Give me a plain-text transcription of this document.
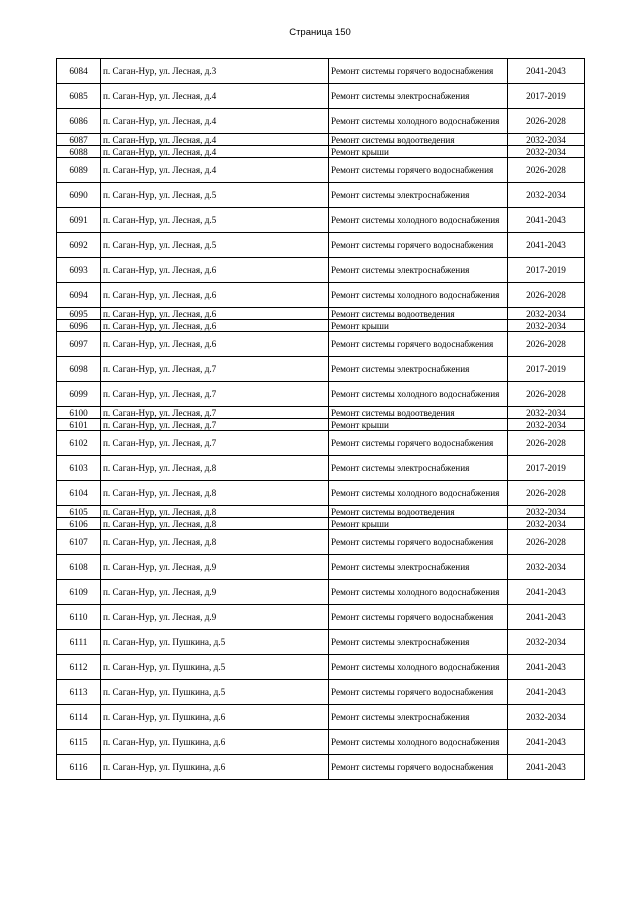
Страница 150
6084	п. Саган-Нур, ул. Лесная, д.3	Ремонт системы горячего водоснабжения	2041-2043
6085	п. Саган-Нур, ул. Лесная, д.4	Ремонт системы электроснабжения	2017-2019
6086	п. Саган-Нур, ул. Лесная, д.4	Ремонт системы холодного водоснабжения	2026-2028
6087	п. Саган-Нур, ул. Лесная, д.4	Ремонт системы водоотведения	2032-2034
6088	п. Саган-Нур, ул. Лесная, д.4	Ремонт крыши	2032-2034
6089	п. Саган-Нур, ул. Лесная, д.4	Ремонт системы горячего водоснабжения	2026-2028
6090	п. Саган-Нур, ул. Лесная, д.5	Ремонт системы электроснабжения	2032-2034
6091	п. Саган-Нур, ул. Лесная, д.5	Ремонт системы холодного водоснабжения	2041-2043
6092	п. Саган-Нур, ул. Лесная, д.5	Ремонт системы горячего водоснабжения	2041-2043
6093	п. Саган-Нур, ул. Лесная, д.6	Ремонт системы электроснабжения	2017-2019
6094	п. Саган-Нур, ул. Лесная, д.6	Ремонт системы холодного водоснабжения	2026-2028
6095	п. Саган-Нур, ул. Лесная, д.6	Ремонт системы водоотведения	2032-2034
6096	п. Саган-Нур, ул. Лесная, д.6	Ремонт крыши	2032-2034
6097	п. Саган-Нур, ул. Лесная, д.6	Ремонт системы горячего водоснабжения	2026-2028
6098	п. Саган-Нур, ул. Лесная, д.7	Ремонт системы электроснабжения	2017-2019
6099	п. Саган-Нур, ул. Лесная, д.7	Ремонт системы холодного водоснабжения	2026-2028
6100	п. Саган-Нур, ул. Лесная, д.7	Ремонт системы водоотведения	2032-2034
6101	п. Саган-Нур, ул. Лесная, д.7	Ремонт крыши	2032-2034
6102	п. Саган-Нур, ул. Лесная, д.7	Ремонт системы горячего водоснабжения	2026-2028
6103	п. Саган-Нур, ул. Лесная, д.8	Ремонт системы электроснабжения	2017-2019
6104	п. Саган-Нур, ул. Лесная, д.8	Ремонт системы холодного водоснабжения	2026-2028
6105	п. Саган-Нур, ул. Лесная, д.8	Ремонт системы водоотведения	2032-2034
6106	п. Саган-Нур, ул. Лесная, д.8	Ремонт крыши	2032-2034
6107	п. Саган-Нур, ул. Лесная, д.8	Ремонт системы горячего водоснабжения	2026-2028
6108	п. Саган-Нур, ул. Лесная, д.9	Ремонт системы электроснабжения	2032-2034
6109	п. Саган-Нур, ул. Лесная, д.9	Ремонт системы холодного водоснабжения	2041-2043
6110	п. Саган-Нур, ул. Лесная, д.9	Ремонт системы горячего водоснабжения	2041-2043
6111	п. Саган-Нур, ул. Пушкина, д.5	Ремонт системы электроснабжения	2032-2034
6112	п. Саган-Нур, ул. Пушкина, д.5	Ремонт системы холодного водоснабжения	2041-2043
6113	п. Саган-Нур, ул. Пушкина, д.5	Ремонт системы горячего водоснабжения	2041-2043
6114	п. Саган-Нур, ул. Пушкина, д.6	Ремонт системы электроснабжения	2032-2034
6115	п. Саган-Нур, ул. Пушкина, д.6	Ремонт системы холодного водоснабжения	2041-2043
6116	п. Саган-Нур, ул. Пушкина, д.6	Ремонт системы горячего водоснабжения	2041-2043
